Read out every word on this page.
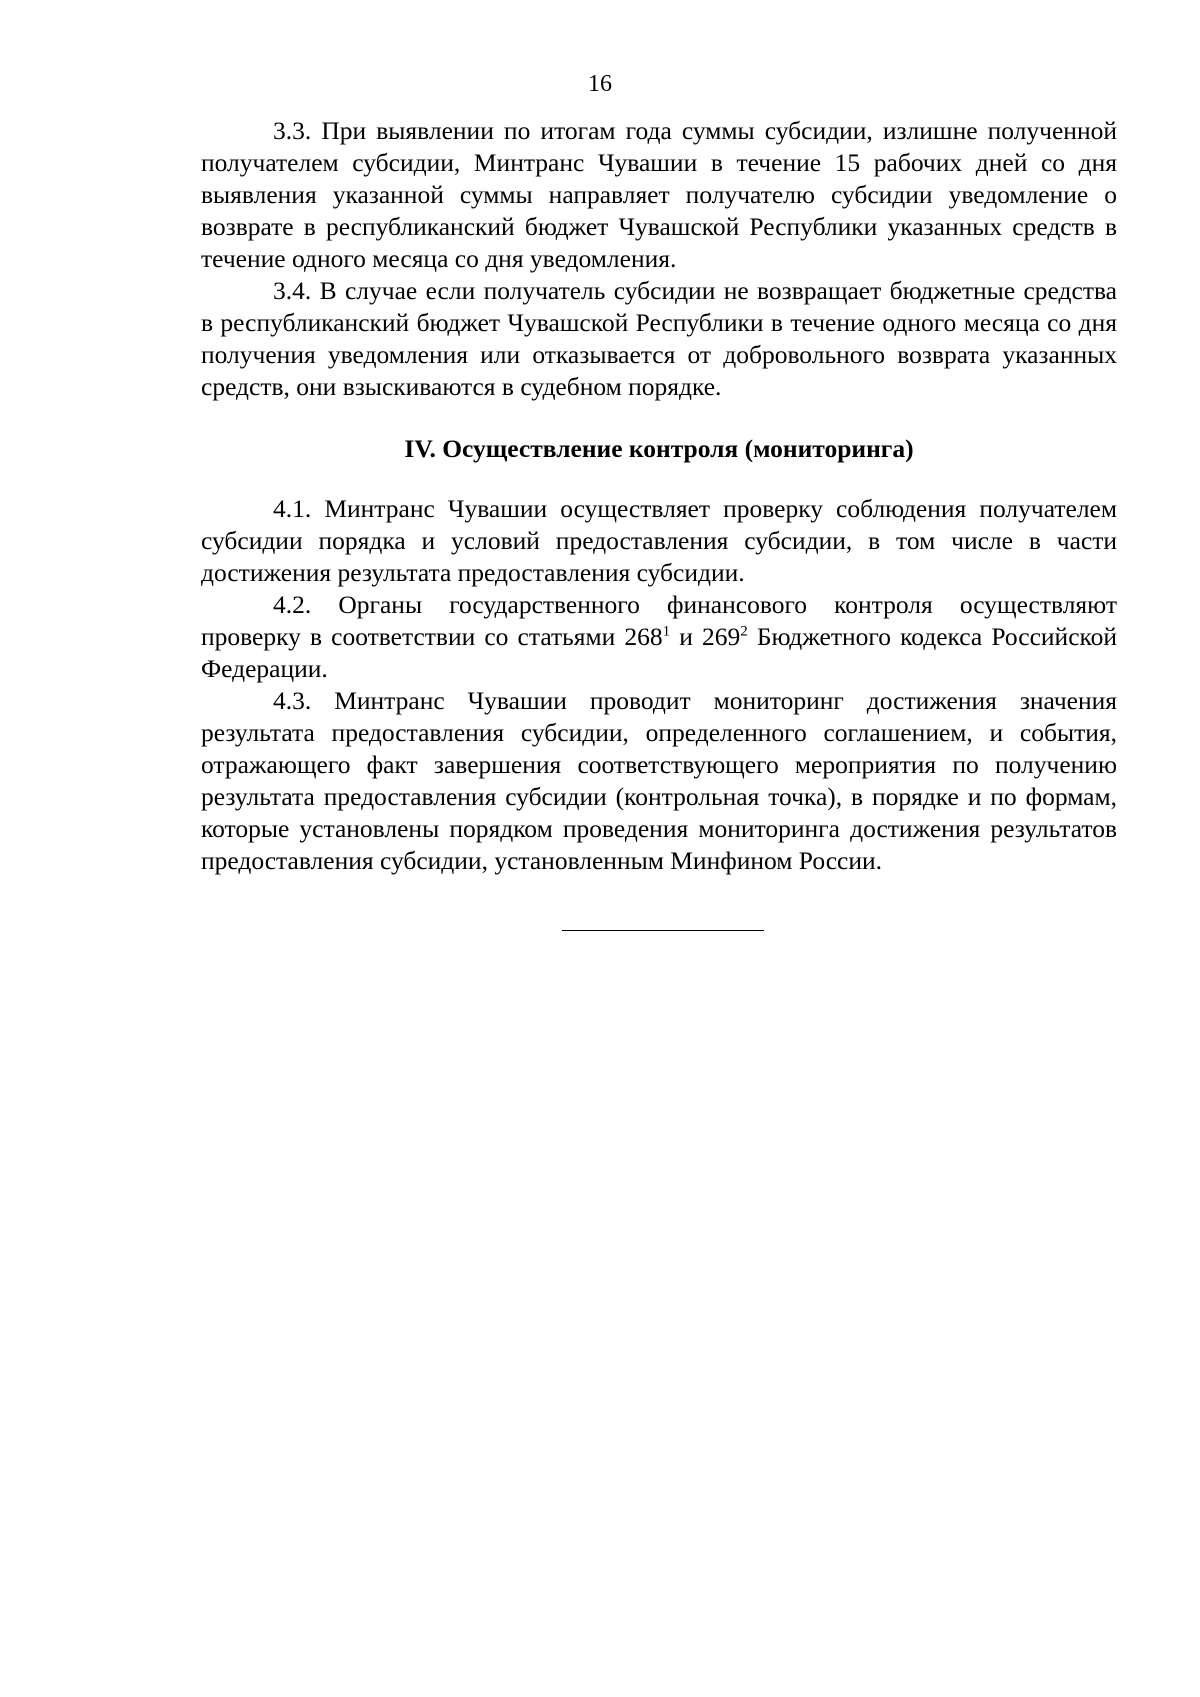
16

3.3. При выявлении по итогам года суммы субсидии, излишне полученной получателем субсидии, Минтранс Чувашии в течение 15 рабочих дней со дня выявления указанной суммы направляет получателю субсидии уведомление о возврате в республиканский бюджет Чувашской Республики указанных средств в течение одного месяца со дня уведомления.

3.4. В случае если получатель субсидии не возвращает бюджетные средства в республиканский бюджет Чувашской Республики в течение одного месяца со дня получения уведомления или отказывается от добровольного возврата указанных средств, они взыскиваются в судебном порядке.

IV. Осуществление контроля (мониторинга)

4.1. Минтранс Чувашии осуществляет проверку соблюдения получателем субсидии порядка и условий предоставления субсидии, в том числе в части достижения результата предоставления субсидии.

4.2. Органы государственного финансового контроля осуществляют проверку в соответствии со статьями $268^1$ и $269^2$ Бюджетного кодекса Российской Федерации.

4.3. Минтранс Чувашии проводит мониторинг достижения значения результата предоставления субсидии, определенного соглашением, и события, отражающего факт завершения соответствующего мероприятия по получению результата предоставления субсидии (контрольная точка), в порядке и по формам, которые установлены порядком проведения мониторинга достижения результатов предоставления субсидии, установленным Минфином России.
